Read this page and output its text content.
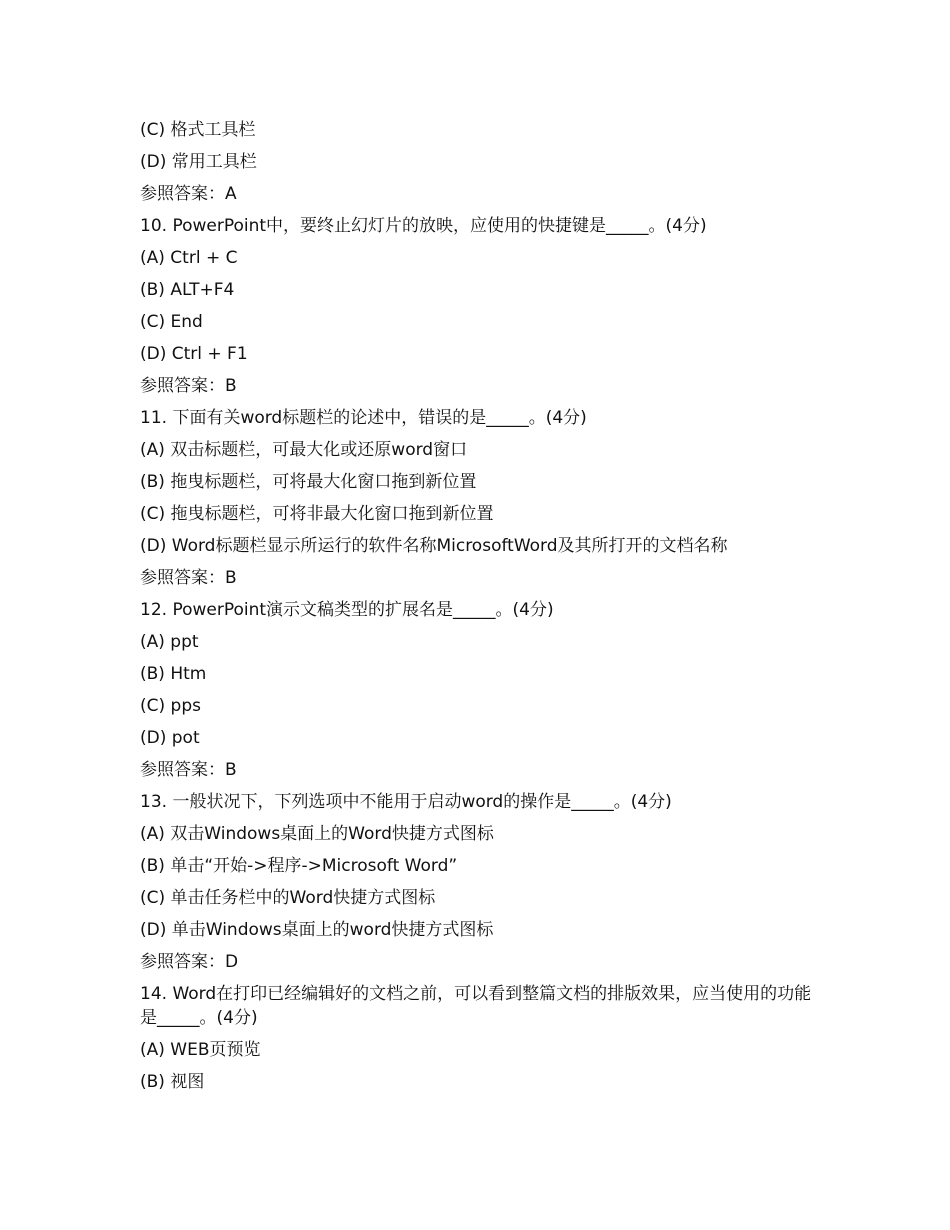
(C) 格式工具栏
(D) 常用工具栏
参照答案：A
10. PowerPoint中，要终止幻灯片的放映，应使用的快捷键是_____。(4分)
(A) Ctrl + C
(B) ALT+F4
(C) End
(D) Ctrl + F1
参照答案：B
11. 下面有关word标题栏的论述中，错误的是_____。(4分)
(A) 双击标题栏，可最大化或还原word窗口
(B) 拖曳标题栏，可将最大化窗口拖到新位置
(C) 拖曳标题栏，可将非最大化窗口拖到新位置
(D) Word标题栏显示所运行的软件名称MicrosoftWord及其所打开的文档名称
参照答案：B
12. PowerPoint演示文稿类型的扩展名是_____。(4分)
(A) ppt
(B) Htm
(C) pps
(D) pot
参照答案：B
13. 一般状况下，下列选项中不能用于启动word的操作是_____。(4分)
(A) 双击Windows桌面上的Word快捷方式图标
(B) 单击“开始->程序->Microsoft Word”
(C) 单击任务栏中的Word快捷方式图标
(D) 单击Windows桌面上的word快捷方式图标
参照答案：D
14. Word在打印已经编辑好的文档之前，可以看到整篇文档的排版效果，应当使用的功能是_____。(4分)
(A) WEB页预览
(B) 视图
